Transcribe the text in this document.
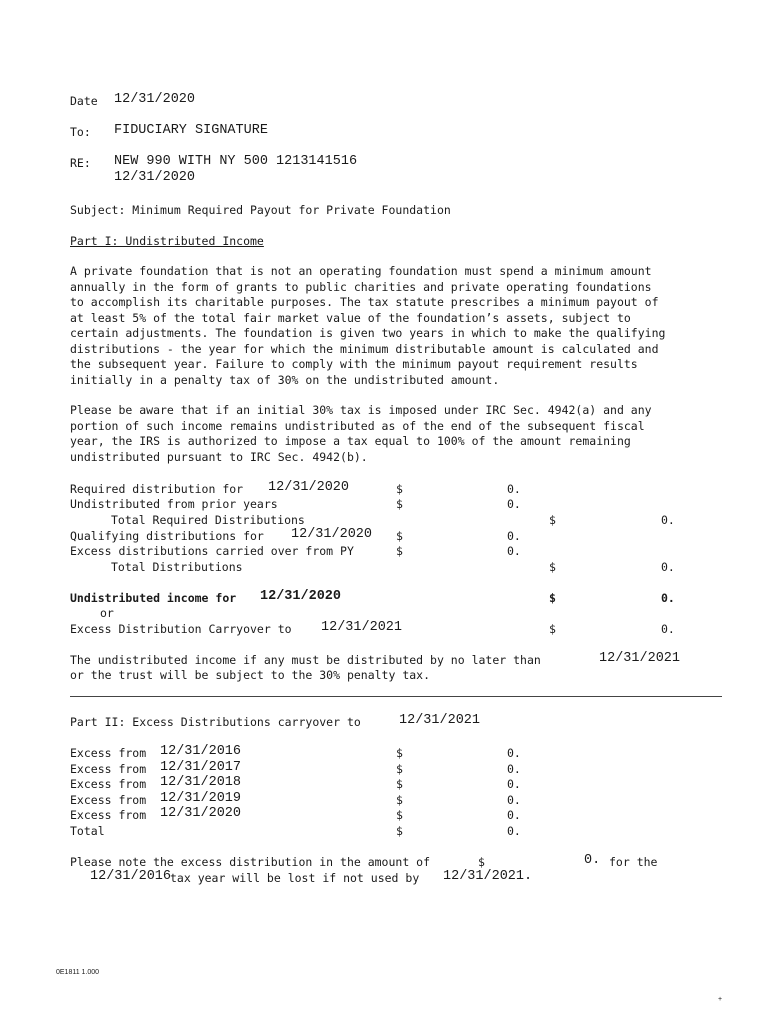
Date 12/31/2020
To: FIDUCIARY SIGNATURE
RE: NEW 990 WITH NY 500 1213141516
12/31/2020
Subject: Minimum Required Payout for Private Foundation
Part I: Undistributed Income
A private foundation that is not an operating foundation must spend a minimum amount
annually in the form of grants to public charities and private operating foundations
to accomplish its charitable purposes. The tax statute prescribes a minimum payout of
at least 5% of the total fair market value of the foundation’s assets, subject to
certain adjustments. The foundation is given two years in which to make the qualifying
distributions - the year for which the minimum distributable amount is calculated and
the subsequent year. Failure to comply with the minimum payout requirement results
initially in a penalty tax of 30% on the undistributed amount.
Please be aware that if an initial 30% tax is imposed under IRC Sec. 4942(a) and any
portion of such income remains undistributed as of the end of the subsequent fiscal
year, the IRS is authorized to impose a tax equal to 100% of the amount remaining
undistributed pursuant to IRC Sec. 4942(b).
Required distribution for 12/31/2020	$	0.
Undistributed from prior years	$	0.
Total Required Distributions	$	0.
Qualifying distributions for 12/31/2020 $	0.
Excess distributions carried over from PY	$	0.
Total Distributions	$	0.
Undistributed income for 12/31/2020	$	0.
or
Excess Distribution Carryover to 12/31/2021	$	0.
The undistributed income if any must be distributed by no later than	12/31/2021
or the trust will be subject to the 30% penalty tax.
Part II: Excess Distributions carryover to	12/31/2021
Excess from 12/31/2016	$	0.
Excess from 12/31/2017	$	0.
Excess from 12/31/2018	$	0.
Excess from 12/31/2019	$	0.
Excess from 12/31/2020	$	0.
Total	$	0.
Please note the excess distribution in the amount of	$	0. for the
12/31/2016
tax year will be lost if not used by 12/31/2021.
0E1811 1.000
+
